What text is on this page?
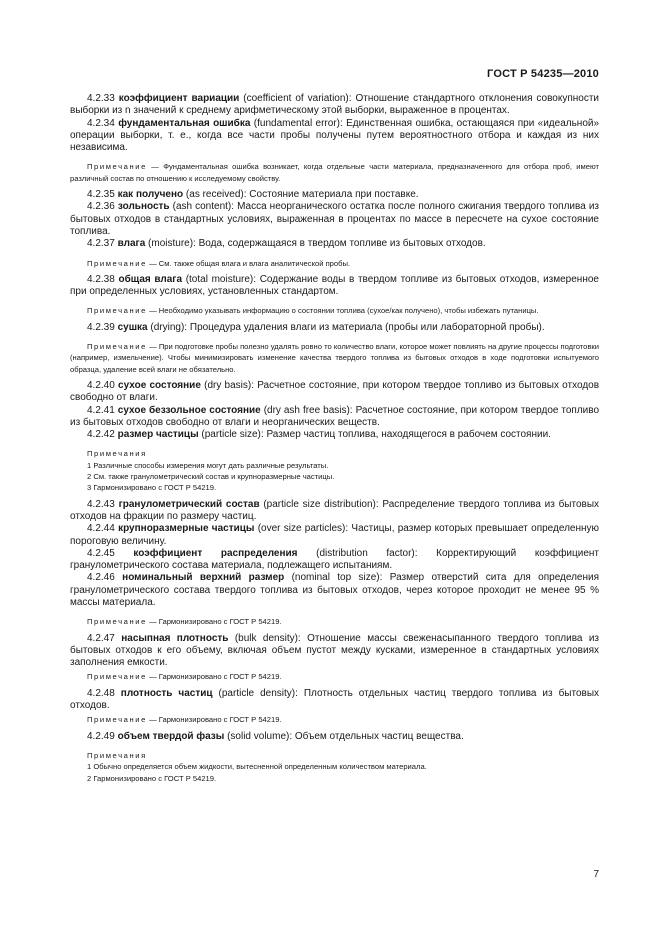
ГОСТ Р 54235—2010

4.2.33 коэффициент вариации (coefficient of variation): Отношение стандартного отклонения совокупности выборки из n значений к среднему арифметическому этой выборки, выраженное в процентах.

4.2.34 фундаментальная ошибка (fundamental error): Единственная ошибка, остающаяся при «идеальной» операции выборки, т. е., когда все части пробы получены путем вероятностного отбора и каждая из них независима.

Примечание — Фундаментальная ошибка возникает, когда отдельные части материала, предназначенного для отбора проб, имеют различный состав по отношению к исследуемому свойству.

4.2.35 как получено (as received): Состояние материала при поставке.

4.2.36 зольность (ash content): Масса неорганического остатка после полного сжигания твердого топлива из бытовых отходов в стандартных условиях, выраженная в процентах по массе в пересчете на сухое состояние топлива.

4.2.37 влага (moisture): Вода, содержащаяся в твердом топливе из бытовых отходов.

Примечание — См. также общая влага и влага аналитической пробы.

4.2.38 общая влага (total moisture): Содержание воды в твердом топливе из бытовых отходов, измеренное при определенных условиях, установленных стандартом.

Примечание — Необходимо указывать информацию о состоянии топлива (сухое/как получено), чтобы избежать путаницы.

4.2.39 сушка (drying): Процедура удаления влаги из материала (пробы или лабораторной пробы).

Примечание — При подготовке пробы полезно удалять ровно то количество влаги, которое может повлиять на другие процессы подготовки (например, измельчение). Чтобы минимизировать изменение качества твердого топлива из бытовых отходов в ходе подготовки испытуемого образца, удаление всей влаги не обязательно.

4.2.40 сухое состояние (dry basis): Расчетное состояние, при котором твердое топливо из бытовых отходов свободно от влаги.

4.2.41 сухое беззольное состояние (dry ash free basis): Расчетное состояние, при котором твердое топливо из бытовых отходов свободно от влаги и неорганических веществ.

4.2.42 размер частицы (particle size): Размер частиц топлива, находящегося в рабочем состоянии.

Примечания

1 Различные способы измерения могут дать различные результаты.

2 См. также гранулометрический состав и крупноразмерные частицы.

3 Гармонизировано с ГОСТ Р 54219.

4.2.43 гранулометрический состав (particle size distribution): Распределение твердого топлива из бытовых отходов на фракции по размеру частиц.

4.2.44 крупноразмерные частицы (over size particles): Частицы, размер которых превышает определенную пороговую величину.

4.2.45 коэффициент распределения (distribution factor): Корректирующий коэффициент гранулометрического состава материала, подлежащего испытаниям.

4.2.46 номинальный верхний размер (nominal top size): Размер отверстий сита для определения гранулометрического состава твердого топлива из бытовых отходов, через которое проходит не менее 95 % массы материала.

Примечание — Гармонизировано с ГОСТ Р 54219.

4.2.47 насыпная плотность (bulk density): Отношение массы свеженасыпанного твердого топлива из бытовых отходов к его объему, включая объем пустот между кусками, измеренное в стандартных условиях заполнения емкости.

Примечание — Гармонизировано с ГОСТ Р 54219.

4.2.48 плотность частиц (particle density): Плотность отдельных частиц твердого топлива из бытовых отходов.

Примечание — Гармонизировано с ГОСТ Р 54219.

4.2.49 объем твердой фазы (solid volume): Объем отдельных частиц вещества.

Примечания

1 Обычно определяется объем жидкости, вытесненной определенным количеством материала.

2 Гармонизировано с ГОСТ Р 54219.

7
